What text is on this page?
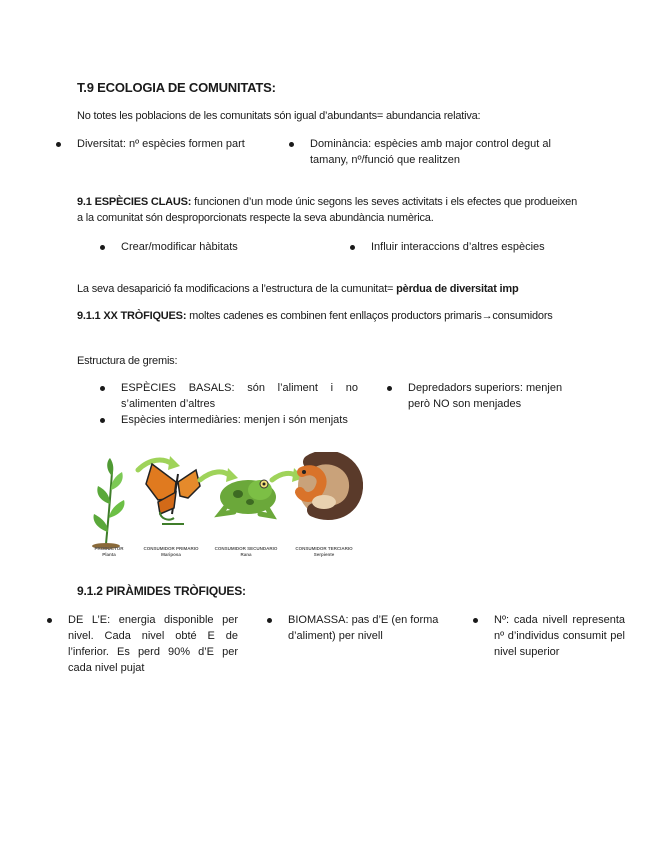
T.9 ECOLOGIA DE COMUNITATS:
No totes les poblacions de les comunitats són igual d’abundants= abundancia relativa:
Diversitat: nº espècies formen part	Dominància: espècies amb major control degut al tamany, nº/funció que realitzen
9.1 ESPÈCIES CLAUS: funcionen d’un mode únic segons les seves activitats i els efectes que produeixen a la comunitat són desproporcionats respecte la seva abundància numèrica.
Crear/modificar hàbitats	Influir interaccions d’altres espècies
La seva desaparició fa modificacions a l’estructura de la cumunitat= pèrdua de diversitat imp
9.1.1 XX TRÒFIQUES: moltes cadenes es combinen fent enllaços productors primaris→consumidors
Estructura de gremis:
ESPÈCIES BASALS: són l’aliment i no s’alimenten d’altres
Espècies intermediàries: menjen i són menjats
Depredadors superiors: menjen però NO son menjades
PRODUCTOR
Planta
CONSUMIDOR PRIMARIO
Mariposa
CONSUMIDOR SECUNDARIO
Rana
CONSUMIDOR TERCIARIO
Serpiente
9.1.2 PIRÀMIDES TRÒFIQUES:
DE L’E: energia disponible per nivel. Cada nivel obté E de l’inferior. Es perd 90% d’E per cada nivel pujat
BIOMASSA: pas d’E (en forma d’aliment) per nivell
Nº: cada nivell representa nº d’individus consumit pel nivel superior
